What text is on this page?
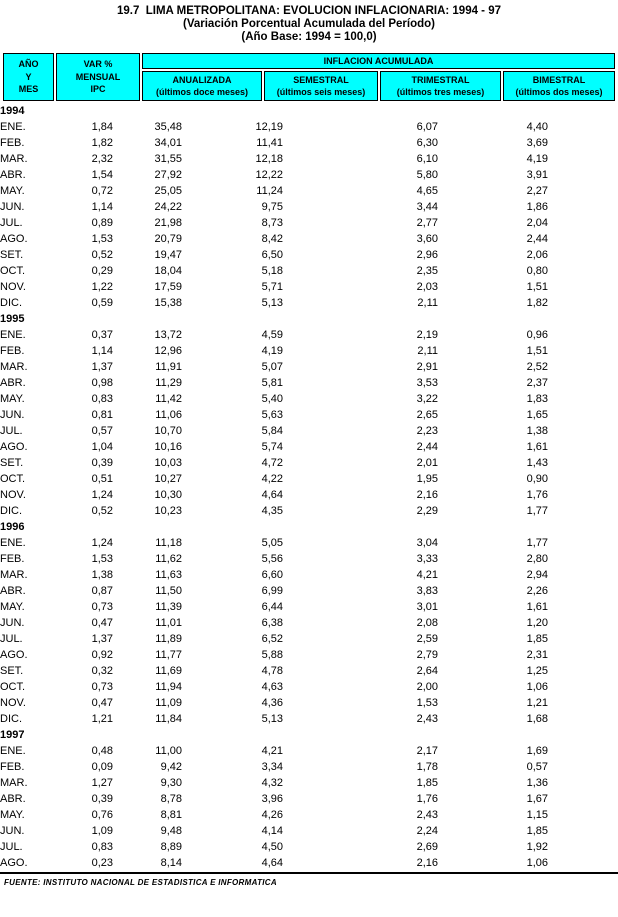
19.7  LIMA METROPOLITANA: EVOLUCION INFLACIONARIA: 1994 - 97
(Variación Porcentual Acumulada del Período)
(Año Base: 1994 = 100,0)
AÑO
Y
MES
VAR %
MENSUAL
IPC
INFLACION ACUMULADA
ANUALIZADA
(últimos doce meses)
SEMESTRAL
(últimos seis meses)
TRIMESTRAL
(últimos tres meses)
BIMESTRAL
(últimos dos meses)
1994						
ENE.	1,84	35,48	12,19	6,07	4,40	
FEB.	1,82	34,01	11,41	6,30	3,69	
MAR.	2,32	31,55	12,18	6,10	4,19	
ABR.	1,54	27,92	12,22	5,80	3,91	
MAY.	0,72	25,05	11,24	4,65	2,27	
JUN.	1,14	24,22	9,75	3,44	1,86	
JUL.	0,89	21,98	8,73	2,77	2,04	
AGO.	1,53	20,79	8,42	3,60	2,44	
SET.	0,52	19,47	6,50	2,96	2,06	
OCT.	0,29	18,04	5,18	2,35	0,80	
NOV.	1,22	17,59	5,71	2,03	1,51	
DIC.	0,59	15,38	5,13	2,11	1,82	
1995						
ENE.	0,37	13,72	4,59	2,19	0,96	
FEB.	1,14	12,96	4,19	2,11	1,51	
MAR.	1,37	11,91	5,07	2,91	2,52	
ABR.	0,98	11,29	5,81	3,53	2,37	
MAY.	0,83	11,42	5,40	3,22	1,83	
JUN.	0,81	11,06	5,63	2,65	1,65	
JUL.	0,57	10,70	5,84	2,23	1,38	
AGO.	1,04	10,16	5,74	2,44	1,61	
SET.	0,39	10,03	4,72	2,01	1,43	
OCT.	0,51	10,27	4,22	1,95	0,90	
NOV.	1,24	10,30	4,64	2,16	1,76	
DIC.	0,52	10,23	4,35	2,29	1,77	
1996						
ENE.	1,24	11,18	5,05	3,04	1,77	
FEB.	1,53	11,62	5,56	3,33	2,80	
MAR.	1,38	11,63	6,60	4,21	2,94	
ABR.	0,87	11,50	6,99	3,83	2,26	
MAY.	0,73	11,39	6,44	3,01	1,61	
JUN.	0,47	11,01	6,38	2,08	1,20	
JUL.	1,37	11,89	6,52	2,59	1,85	
AGO.	0,92	11,77	5,88	2,79	2,31	
SET.	0,32	11,69	4,78	2,64	1,25	
OCT.	0,73	11,94	4,63	2,00	1,06	
NOV.	0,47	11,09	4,36	1,53	1,21	
DIC.	1,21	11,84	5,13	2,43	1,68	
1997						
ENE.	0,48	11,00	4,21	2,17	1,69	
FEB.	0,09	9,42	3,34	1,78	0,57	
MAR.	1,27	9,30	4,32	1,85	1,36	
ABR.	0,39	8,78	3,96	1,76	1,67	
MAY.	0,76	8,81	4,26	2,43	1,15	
JUN.	1,09	9,48	4,14	2,24	1,85	
JUL.	0,83	8,89	4,50	2,69	1,92	
AGO.	0,23	8,14	4,64	2,16	1,06	
FUENTE: INSTITUTO NACIONAL DE ESTADISTICA E INFORMATICA
